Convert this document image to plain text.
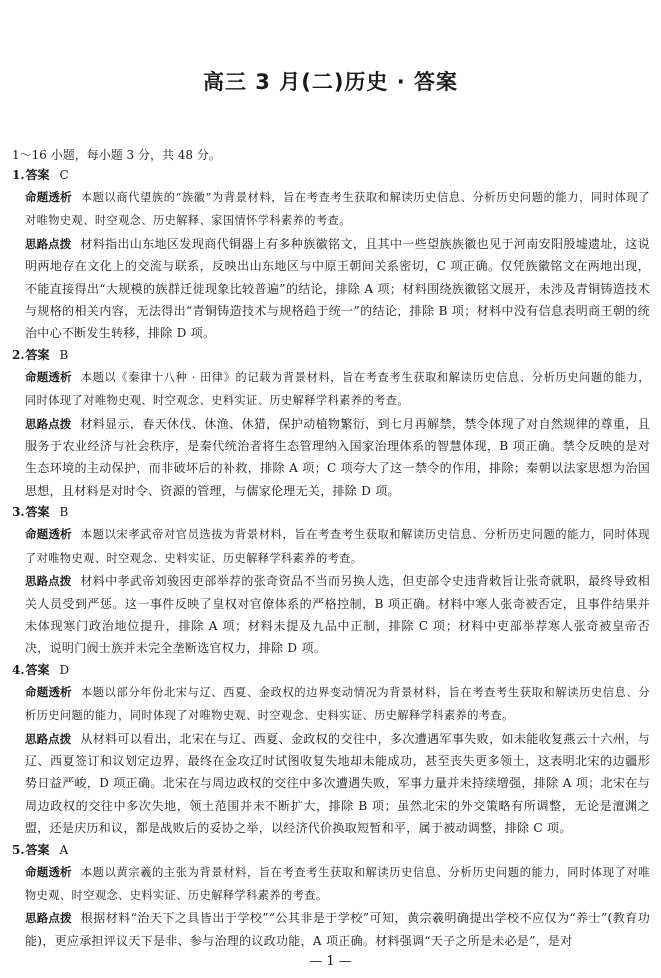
高三 3 月(二)历史 · 答案

1～16 小题，每小题 3 分，共 48 分。

1.答案 C

命题透析 本题以商代望族的“族徽”为背景材料，旨在考查考生获取和解读历史信息、分析历史问题的能力，同时体现了对唯物史观、时空观念、历史解释、家国情怀学科素养的考查。

思路点拨 材料指出山东地区发现商代铜器上有多种族徽铭文，且其中一些望族族徽也见于河南安阳殷墟遗址，这说明两地存在文化上的交流与联系，反映出山东地区与中原王朝间关系密切，C 项正确。仅凭族徽铭文在两地出现，不能直接得出“大规模的族群迁徙现象比较普遍”的结论，排除 A 项；材料围绕族徽铭文展开，未涉及青铜铸造技术与规格的相关内容，无法得出“青铜铸造技术与规格趋于统一”的结论，排除 B 项；材料中没有信息表明商王朝的统治中心不断发生转移，排除 D 项。

2.答案 B

命题透析 本题以《秦律十八种 · 田律》的记载为背景材料，旨在考查考生获取和解读历史信息、分析历史问题的能力，同时体现了对唯物史观、时空观念、史料实证、历史解释学科素养的考查。

思路点拨 材料显示，春天休伐、休渔、休猎，保护动植物繁衍，到七月再解禁，禁令体现了对自然规律的尊重，且服务于农业经济与社会秩序，是秦代统治者将生态管理纳入国家治理体系的智慧体现，B 项正确。禁令反映的是对生态环境的主动保护，而非破坏后的补救，排除 A 项；C 项夸大了这一禁令的作用，排除；秦朝以法家思想为治国思想，且材料是对时令、资源的管理，与儒家伦理无关，排除 D 项。

3.答案 B

命题透析 本题以宋孝武帝对官员选拔为背景材料，旨在考查考生获取和解读历史信息、分析历史问题的能力，同时体现了对唯物史观、时空观念、史料实证、历史解释学科素养的考查。

思路点拨 材料中孝武帝刘骏因吏部举荐的张奇资品不当而另换人选，但吏部令史违背敕旨让张奇就职，最终导致相关人员受到严惩。这一事件反映了皇权对官僚体系的严格控制，B 项正确。材料中寒人张奇被否定，且事件结果并未体现寒门政治地位提升，排除 A 项；材料未提及九品中正制，排除 C 项；材料中吏部举荐寒人张奇被皇帝否决，说明门阀士族并未完全垄断选官权力，排除 D 项。

4.答案 D

命题透析 本题以部分年份北宋与辽、西夏、金政权的边界变动情况为背景材料，旨在考查考生获取和解读历史信息、分析历史问题的能力，同时体现了对唯物史观、时空观念、史料实证、历史解释学科素养的考查。

思路点拨 从材料可以看出，北宋在与辽、西夏、金政权的交往中，多次遭遇军事失败，如未能收复燕云十六州，与辽、西夏签订和议划定边界，最终在金攻辽时试图收复失地却未能成功，甚至丧失更多领土，这表明北宋的边疆形势日益严峻，D 项正确。北宋在与周边政权的交往中多次遭遇失败，军事力量并未持续增强，排除 A 项；北宋在与周边政权的交往中多次失地，领土范围并未不断扩大，排除 B 项；虽然北宋的外交策略有所调整，无论是澶渊之盟，还是庆历和议，都是战败后的妥协之举，以经济代价换取短暂和平，属于被动调整，排除 C 项。

5.答案 A

命题透析 本题以黄宗羲的主张为背景材料，旨在考查考生获取和解读历史信息、分析历史问题的能力，同时体现了对唯物史观、时空观念、史料实证、历史解释学科素养的考查。

思路点拨 根据材料“治天下之具皆出于学校”“公其非是于学校”可知，黄宗羲明确提出学校不应仅为“养士”(教育功能)，更应承担评议天下是非、参与治理的议政功能，A 项正确。材料强调“天子之所是未必是”，是对

— 1 —
